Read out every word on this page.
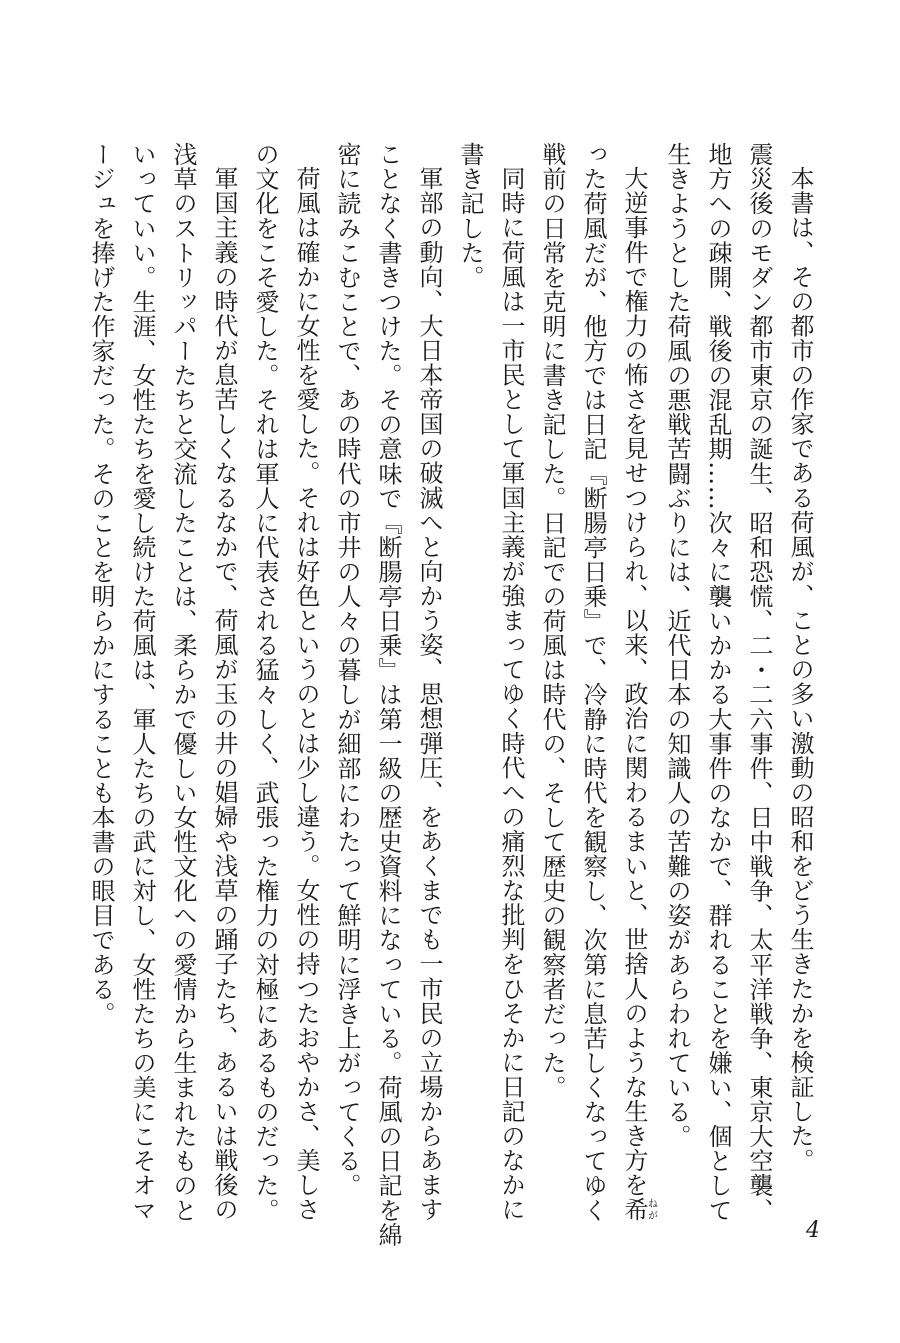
本書は、その都市の作家である荷風が、ことの多い激動の昭和をどう生きたかを検証した。
震災後のモダン都市東京の誕生、昭和恐慌、二・二六事件、日中戦争、太平洋戦争、東京大空襲、
地方への疎開、戦後の混乱期……次々に襲いかかる大事件のなかで、群れることを嫌い、個として
生きようとした荷風の悪戦苦闘ぶりには、近代日本の知識人の苦難の姿があらわれている。
大逆事件で権力の怖さを見せつけられ、以来、政治に関わるまいと、世捨人のような生き方を希ねが
った荷風だが、他方では日記『断腸亭日乗』で、冷静に時代を観察し、次第に息苦しくなってゆく
戦前の日常を克明に書き記した。日記での荷風は時代の、そして歴史の観察者だった。
同時に荷風は一市民として軍国主義が強まってゆく時代への痛烈な批判をひそかに日記のなかに
書き記した。
軍部の動向、大日本帝国の破滅へと向かう姿、思想弾圧、をあくまでも一市民の立場からあます
ことなく書きつけた。その意味で『断腸亭日乗』は第一級の歴史資料になっている。荷風の日記を綿
密に読みこむことで、あの時代の市井の人々の暮しが細部にわたって鮮明に浮き上がってくる。
荷風は確かに女性を愛した。それは好色というのとは少し違う。女性の持つたおやかさ、美しさ
の文化をこそ愛した。それは軍人に代表される猛々しく、武張った権力の対極にあるものだった。
軍国主義の時代が息苦しくなるなかで、荷風が玉の井の娼婦や浅草の踊子たち、あるいは戦後の
浅草のストリッパーたちと交流したことは、柔らかで優しい女性文化への愛情から生まれたものと
いっていい。生涯、女性たちを愛し続けた荷風は、軍人たちの武に対し、女性たちの美にこそオマ
ージュを捧げた作家だった。そのことを明らかにすることも本書の眼目である。
4
